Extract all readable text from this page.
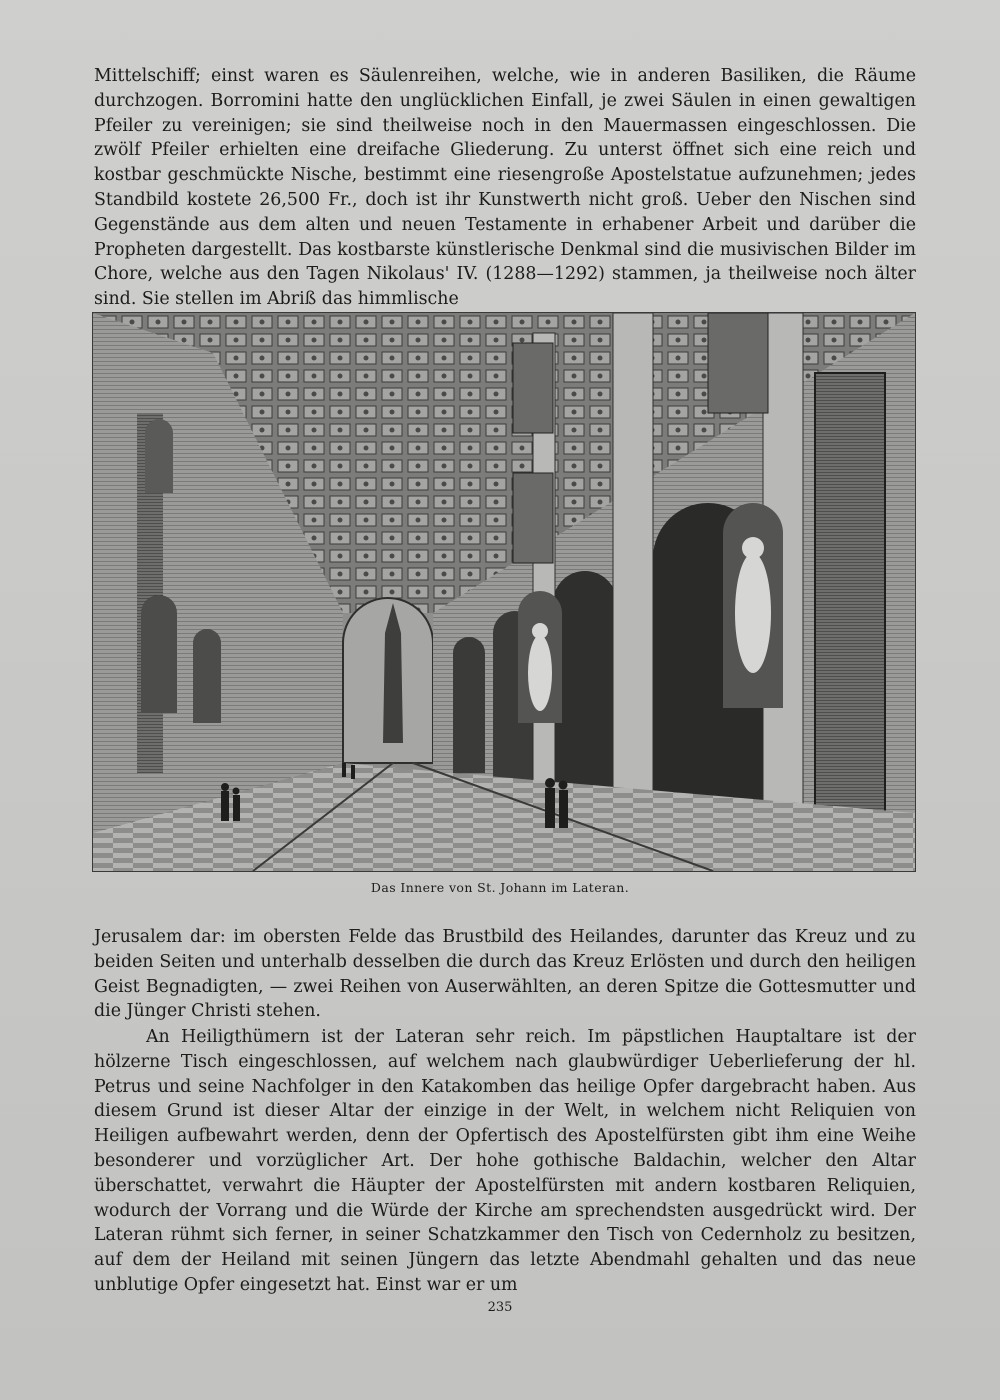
Mittelschiff; einst waren es Säulenreihen, welche, wie in anderen Basiliken, die Räume durchzogen. Borromini hatte den unglücklichen Einfall, je zwei Säulen in einen gewaltigen Pfeiler zu vereinigen; sie sind theilweise noch in den Mauermassen eingeschlossen. Die zwölf Pfeiler erhielten eine dreifache Gliederung. Zu unterst öffnet sich eine reich und kostbar geschmückte Nische, bestimmt eine riesengroße Apostelstatue aufzunehmen; jedes Standbild kostete 26,500 Fr., doch ist ihr Kunstwerth nicht groß. Ueber den Nischen sind Gegenstände aus dem alten und neuen Testamente in erhabener Arbeit und darüber die Propheten dargestellt. Das kostbarste künstlerische Denkmal sind die musivischen Bilder im Chore, welche aus den Tagen Nikolaus' IV. (1288—1292) stammen, ja theilweise noch älter sind. Sie stellen im Abriß das himmlische

Das Innere von St. Johann im Lateran.

Jerusalem dar: im obersten Felde das Brustbild des Heilandes, darunter das Kreuz und zu beiden Seiten und unterhalb desselben die durch das Kreuz Erlösten und durch den heiligen Geist Begnadigten, — zwei Reihen von Auserwählten, an deren Spitze die Gottesmutter und die Jünger Christi stehen.

An Heiligthümern ist der Lateran sehr reich. Im päpstlichen Hauptaltare ist der hölzerne Tisch eingeschlossen, auf welchem nach glaubwürdiger Ueberlieferung der hl. Petrus und seine Nachfolger in den Katakomben das heilige Opfer dargebracht haben. Aus diesem Grund ist dieser Altar der einzige in der Welt, in welchem nicht Reliquien von Heiligen aufbewahrt werden, denn der Opfertisch des Apostelfürsten gibt ihm eine Weihe besonderer und vorzüglicher Art. Der hohe gothische Baldachin, welcher den Altar überschattet, verwahrt die Häupter der Apostelfürsten mit andern kostbaren Reliquien, wodurch der Vorrang und die Würde der Kirche am sprechendsten ausgedrückt wird. Der Lateran rühmt sich ferner, in seiner Schatzkammer den Tisch von Cedernholz zu besitzen, auf dem der Heiland mit seinen Jüngern das letzte Abendmahl gehalten und das neue unblutige Opfer eingesetzt hat. Einst war er um

235
